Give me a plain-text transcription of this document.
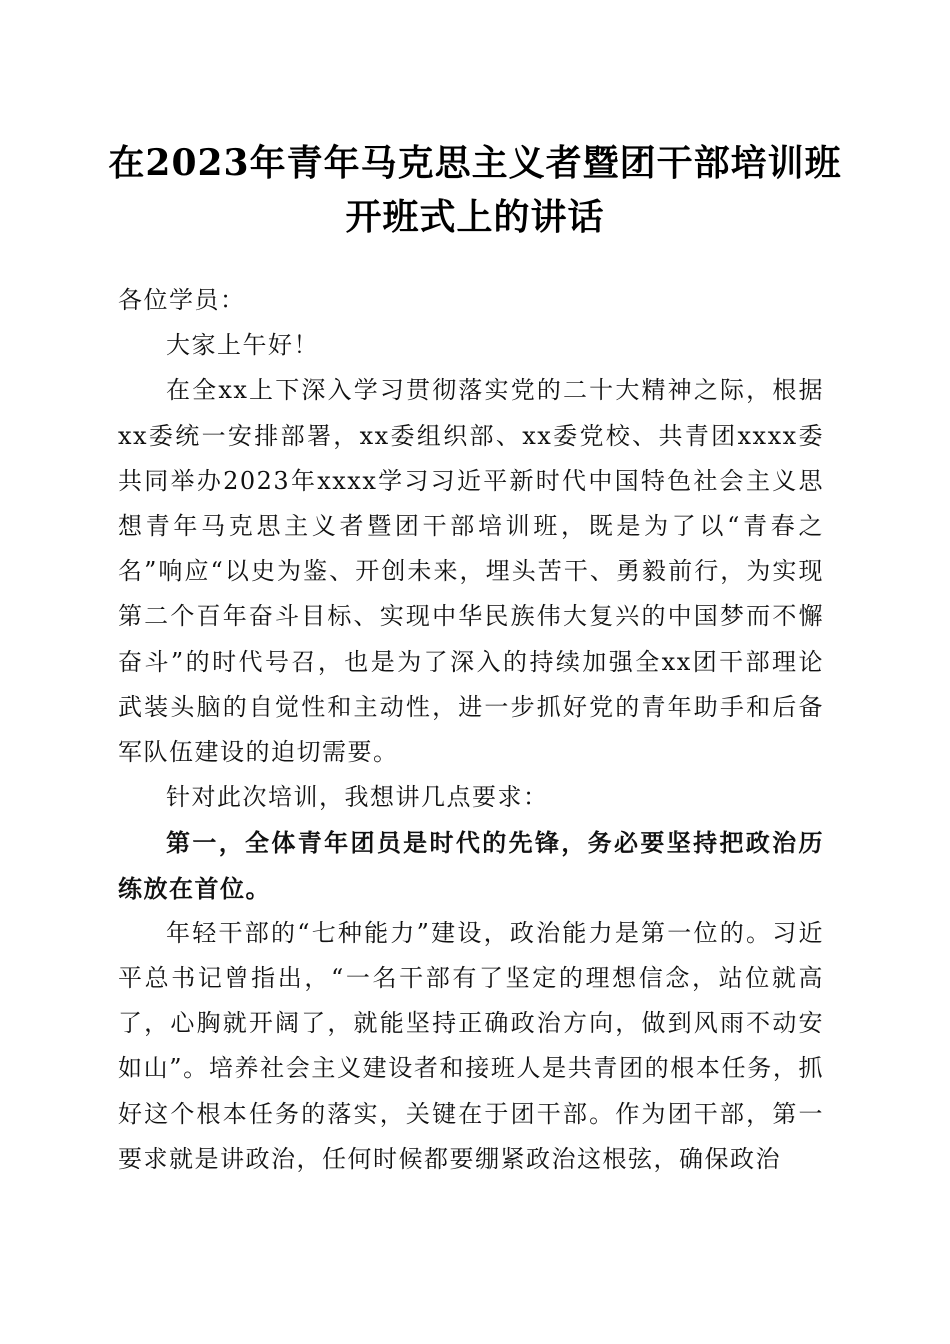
在2023年青年马克思主义者暨团干部培训班
开班式上的讲话

各位学员：

大家上午好！

在全xx上下深入学习贯彻落实党的二十大精神之际，根据xx委统一安排部署，xx委组织部、xx委党校、共青团xxxx委共同举办2023年xxxx学习习近平新时代中国特色社会主义思想青年马克思主义者暨团干部培训班，既是为了以“青春之名”响应“以史为鉴、开创未来，埋头苦干、勇毅前行，为实现第二个百年奋斗目标、实现中华民族伟大复兴的中国梦而不懈奋斗”的时代号召，也是为了深入的持续加强全xx团干部理论武装头脑的自觉性和主动性，进一步抓好党的青年助手和后备军队伍建设的迫切需要。

针对此次培训，我想讲几点要求：

第一，全体青年团员是时代的先锋，务必要坚持把政治历练放在首位。

年轻干部的“七种能力”建设，政治能力是第一位的。习近平总书记曾指出，“一名干部有了坚定的理想信念，站位就高了，心胸就开阔了，就能坚持正确政治方向，做到风雨不动安如山”。培养社会主义建设者和接班人是共青团的根本任务，抓好这个根本任务的落实，关键在于团干部。作为团干部，第一要求就是讲政治，任何时候都要绷紧政治这根弦，确保政治
